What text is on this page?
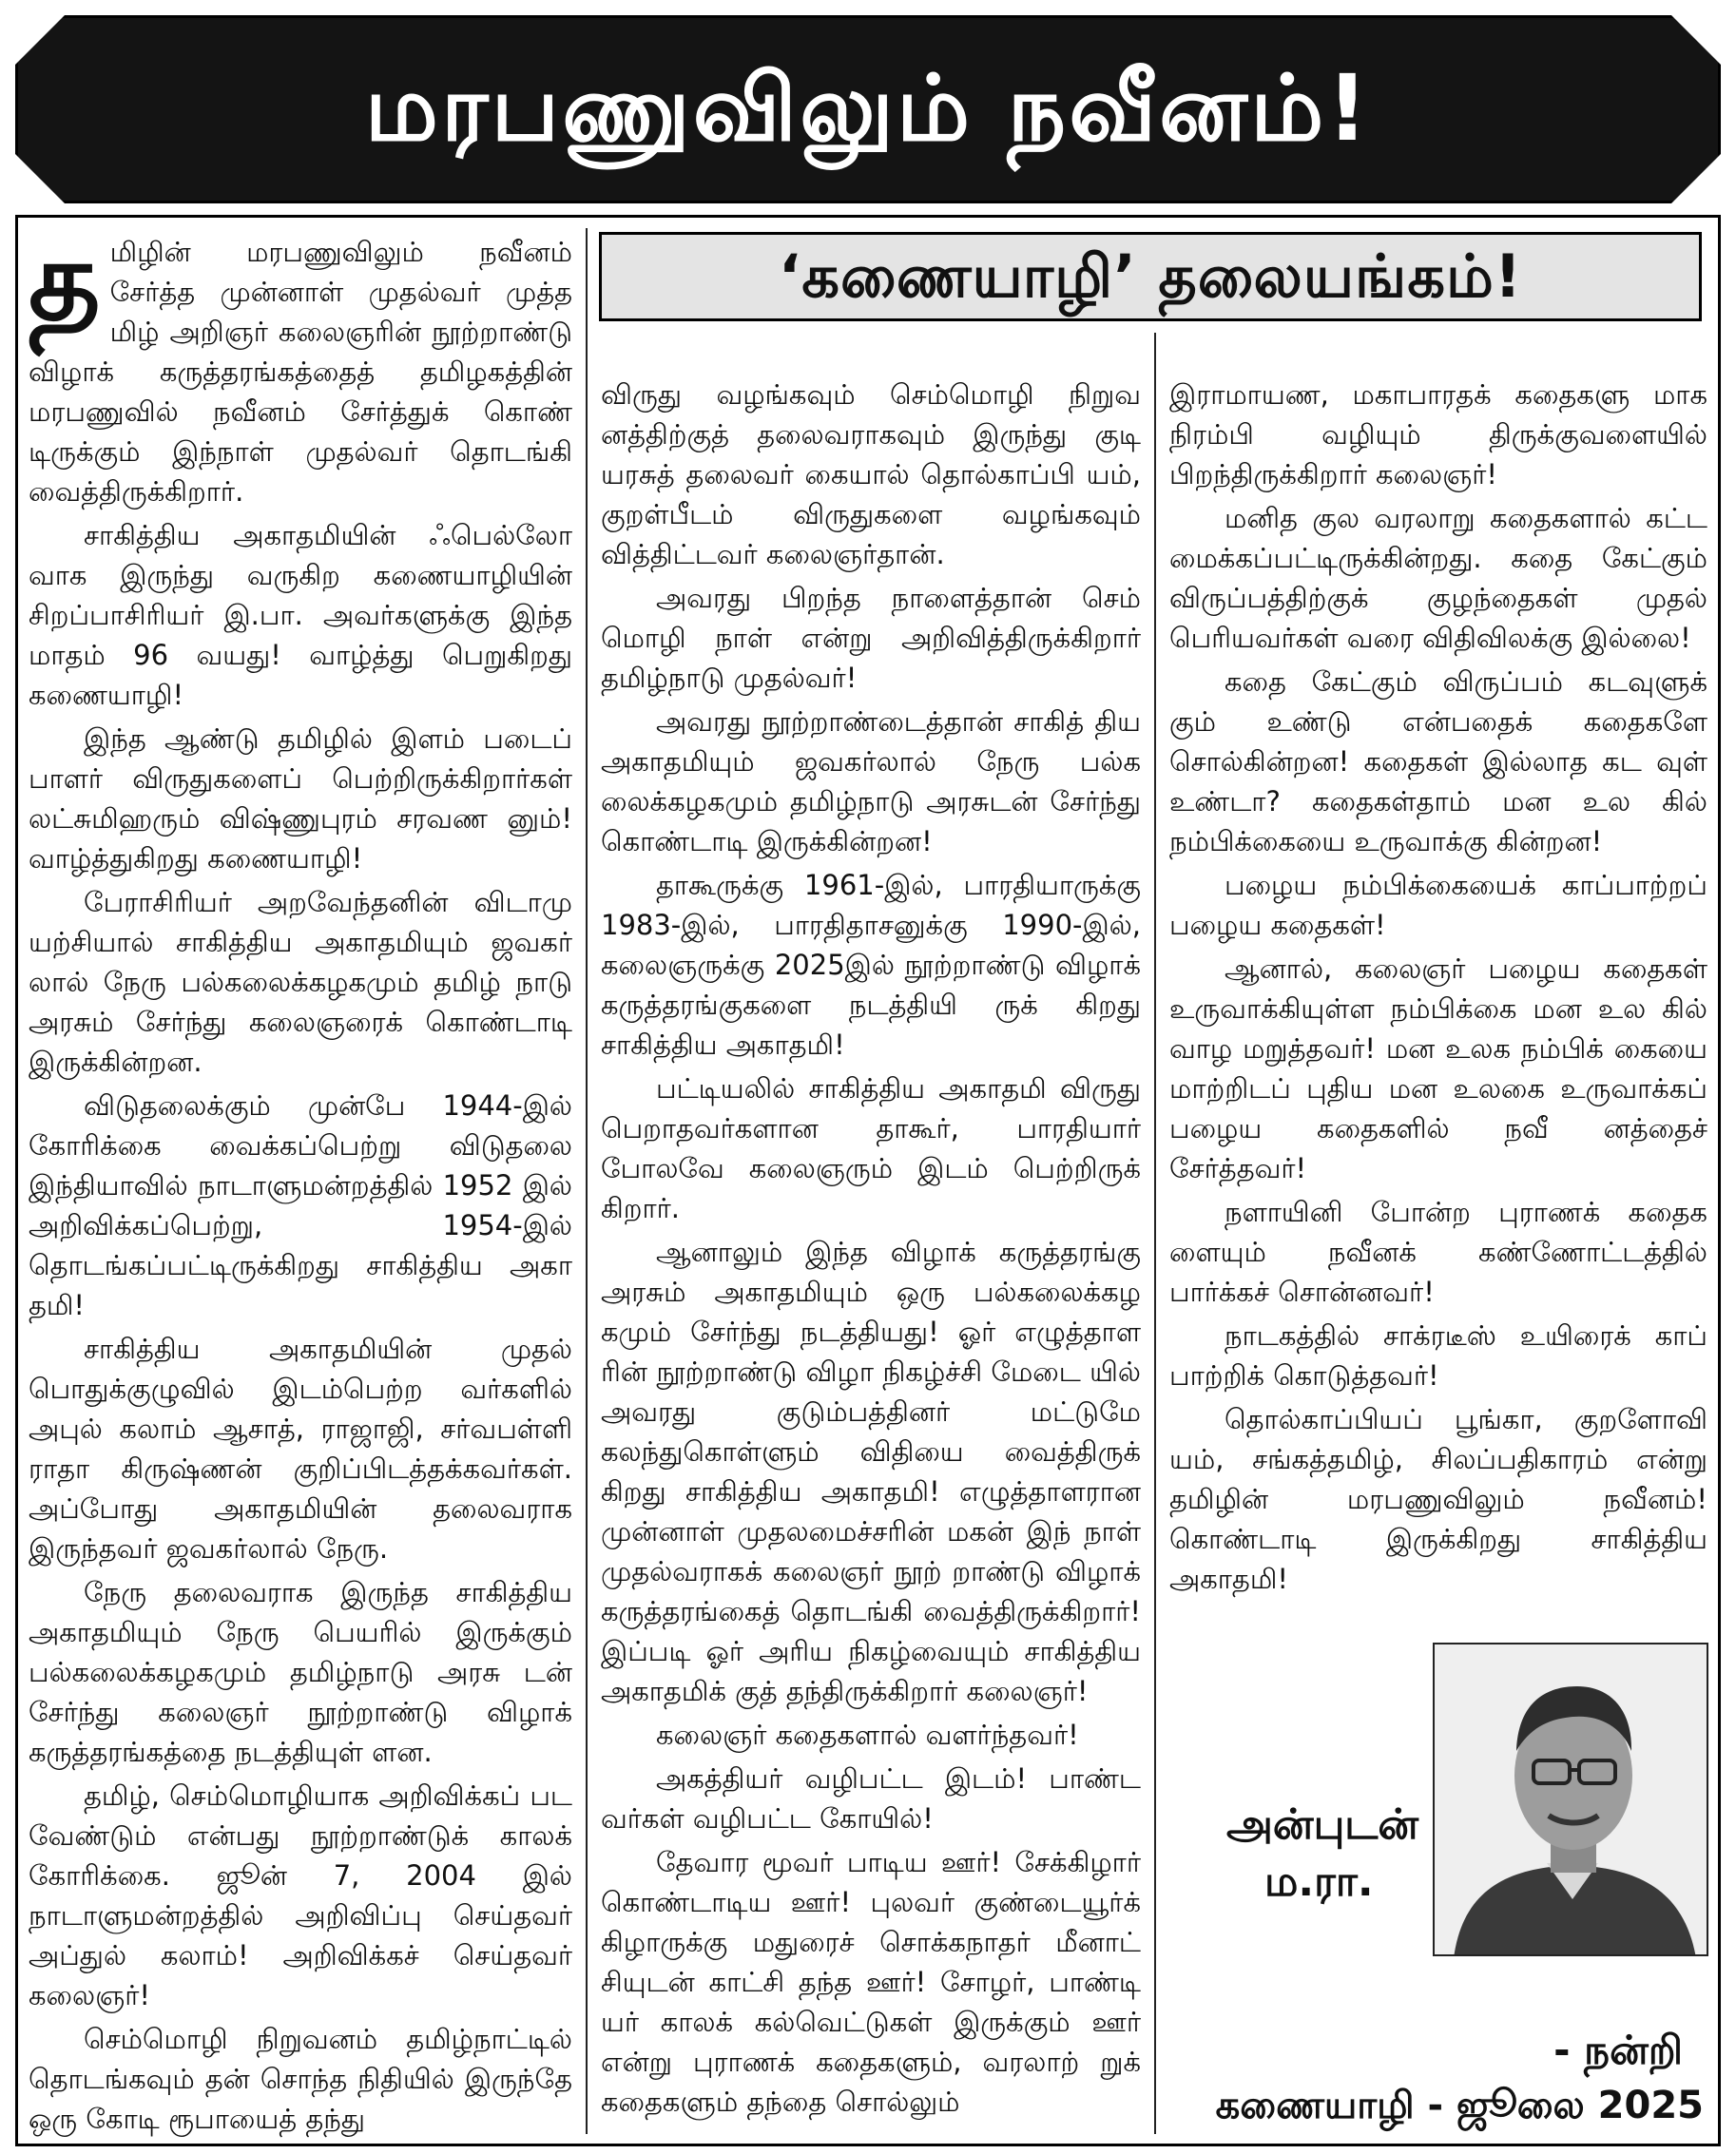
மரபணுவிலும் நவீனம்!
‘கணையாழி’ தலையங்கம்!

தமிழின் மரபணுவிலும் நவீனம் சேர்த்த முன்னாள் முதல்வர் முத்த மிழ் அறிஞர் கலைஞரின் நூற்றாண்டு விழாக் கருத்தரங்கத்தைத் தமிழகத்தின் மரபணுவில் நவீனம் சேர்த்துக் கொண் டிருக்கும் இந்நாள் முதல்வர் தொடங்கி வைத்திருக்கிறார்.

சாகித்திய அகாதமியின் ஃபெல்லோ வாக இருந்து வருகிற கணையாழியின் சிறப்பாசிரியர் இ.பா. அவர்களுக்கு இந்த மாதம் 96 வயது! வாழ்த்து பெறுகிறது கணையாழி!

இந்த ஆண்டு தமிழில் இளம் படைப் பாளர் விருதுகளைப் பெற்றிருக்கிறார்கள் லட்சுமிஹரும் விஷ்ணுபுரம் சரவண னும்! வாழ்த்துகிறது கணையாழி!

பேராசிரியர் அறவேந்தனின் விடாமு யற்சியால் சாகித்திய அகாதமியும் ஜவகர் லால் நேரு பல்கலைக்கழகமும் தமிழ் நாடு அரசும் சேர்ந்து கலைஞரைக் கொண்டாடி இருக்கின்றன.

விடுதலைக்கும் முன்பே 1944-இல் கோரிக்கை வைக்கப்பெற்று விடுதலை இந்தியாவில் நாடாளுமன்றத்தில் 1952 இல் அறிவிக்கப்பெற்று, 1954-இல் தொடங்கப்பட்டிருக்கிறது சாகித்திய அகா தமி!

சாகித்திய அகாதமியின் முதல் பொதுக்குழுவில் இடம்பெற்ற வர்களில் அபுல் கலாம் ஆசாத், ராஜாஜி, சர்வபள்ளி ராதா கிருஷ்ணன் குறிப்பிடத்தக்கவர்கள். அப்போது அகாதமியின் தலைவராக இருந்தவர் ஜவகர்லால் நேரு.

நேரு தலைவராக இருந்த சாகித்திய அகாதமியும் நேரு பெயரில் இருக்கும் பல்கலைக்கழகமும் தமிழ்நாடு அரசு டன் சேர்ந்து கலைஞர் நூற்றாண்டு விழாக் கருத்தரங்கத்தை நடத்தியுள் ளன.

தமிழ், செம்மொழியாக அறிவிக்கப் பட வேண்டும் என்பது நூற்றாண்டுக் காலக் கோரிக்கை. ஜூன் 7, 2004 இல் நாடாளுமன்றத்தில் அறிவிப்பு செய்தவர் அப்துல் கலாம்! அறிவிக்கச் செய்தவர் கலைஞர்!

செம்மொழி நிறுவனம் தமிழ்நாட்டில் தொடங்கவும் தன் சொந்த நிதியில் இருந்தே ஒரு கோடி ரூபாயைத் தந்து

விருது வழங்கவும் செம்மொழி நிறுவ னத்திற்குத் தலைவராகவும் இருந்து குடி யரசுத் தலைவர் கையால் தொல்காப்பி யம், குறள்பீடம் விருதுகளை வழங்கவும் வித்திட்டவர் கலைஞர்தான்.

அவரது பிறந்த நாளைத்தான் செம் மொழி நாள் என்று அறிவித்திருக்கிறார் தமிழ்நாடு முதல்வர்!

அவரது நூற்றாண்டைத்தான் சாகித் திய அகாதமியும் ஜவகர்லால் நேரு பல்க லைக்கழகமும் தமிழ்நாடு அரசுடன் சேர்ந்து கொண்டாடி இருக்கின்றன!

தாகூருக்கு 1961-இல், பாரதியாருக்கு 1983-இல், பாரதிதாசனுக்கு 1990-இல், கலைஞருக்கு 2025இல் நூற்றாண்டு விழாக் கருத்தரங்குகளை நடத்தியி ருக் கிறது சாகித்திய அகாதமி!

பட்டியலில் சாகித்திய அகாதமி விருது பெறாதவர்களான தாகூர், பாரதியார் போலவே கலைஞரும் இடம் பெற்றிருக் கிறார்.

ஆனாலும் இந்த விழாக் கருத்தரங்கு அரசும் அகாதமியும் ஒரு பல்கலைக்கழ கமும் சேர்ந்து நடத்தியது! ஓர் எழுத்தாள ரின் நூற்றாண்டு விழா நிகழ்ச்சி மேடை யில் அவரது குடும்பத்தினர் மட்டுமே கலந்துகொள்ளும் விதியை வைத்திருக் கிறது சாகித்திய அகாதமி! எழுத்தாளரான முன்னாள் முதலமைச்சரின் மகன் இந் நாள் முதல்வராகக் கலைஞர் நூற் றாண்டு விழாக் கருத்தரங்கைத் தொடங்கி வைத்திருக்கிறார்! இப்படி ஓர் அரிய நிகழ்வையும் சாகித்திய அகாதமிக் குத் தந்திருக்கிறார் கலைஞர்!

கலைஞர் கதைகளால் வளர்ந்தவர்!

அகத்தியர் வழிபட்ட இடம்! பாண்ட வர்கள் வழிபட்ட கோயில்!

தேவார மூவர் பாடிய ஊர்! சேக்கிழார் கொண்டாடிய ஊர்! புலவர் குண்டையூர்க் கிழாருக்கு மதுரைச் சொக்கநாதர் மீனாட் சியுடன் காட்சி தந்த ஊர்! சோழர், பாண்டி யர் காலக் கல்வெட்டுகள் இருக்கும் ஊர் என்று புராணக் கதைகளும், வரலாற் றுக் கதைகளும் தந்தை சொல்லும்

இராமாயண, மகாபாரதக் கதைகளு மாக நிரம்பி வழியும் திருக்குவளையில் பிறந்திருக்கிறார் கலைஞர்!

மனித குல வரலாறு கதைகளால் கட்ட மைக்கப்பட்டிருக்கின்றது. கதை கேட்கும் விருப்பத்திற்குக் குழந்தைகள் முதல் பெரியவர்கள் வரை விதிவிலக்கு இல்லை!

கதை கேட்கும் விருப்பம் கடவுளுக் கும் உண்டு என்பதைக் கதைகளே சொல்கின்றன! கதைகள் இல்லாத கட வுள் உண்டா? கதைகள்தாம் மன உல கில் நம்பிக்கையை உருவாக்கு கின்றன!

பழைய நம்பிக்கையைக் காப்பாற்றப் பழைய கதைகள்!

ஆனால், கலைஞர் பழைய கதைகள் உருவாக்கியுள்ள நம்பிக்கை மன உல கில் வாழ மறுத்தவர்! மன உலக நம்பிக் கையை மாற்றிடப் புதிய மன உலகை உருவாக்கப் பழைய கதைகளில் நவீ னத்தைச் சேர்த்தவர்!

நளாயினி போன்ற புராணக் கதைக ளையும் நவீனக் கண்ணோட்டத்தில் பார்க்கச் சொன்னவர்!

நாடகத்தில் சாக்ரடீஸ் உயிரைக் காப் பாற்றிக் கொடுத்தவர்!

தொல்காப்பியப் பூங்கா, குறளோவி யம், சங்கத்தமிழ், சிலப்பதிகாரம் என்று தமிழின் மரபணுவிலும் நவீனம்! கொண்டாடி இருக்கிறது சாகித்திய அகாதமி!

அன்புடன்
ம.ரா.
- நன்றி
கணையாழி - ஜூலை 2025
